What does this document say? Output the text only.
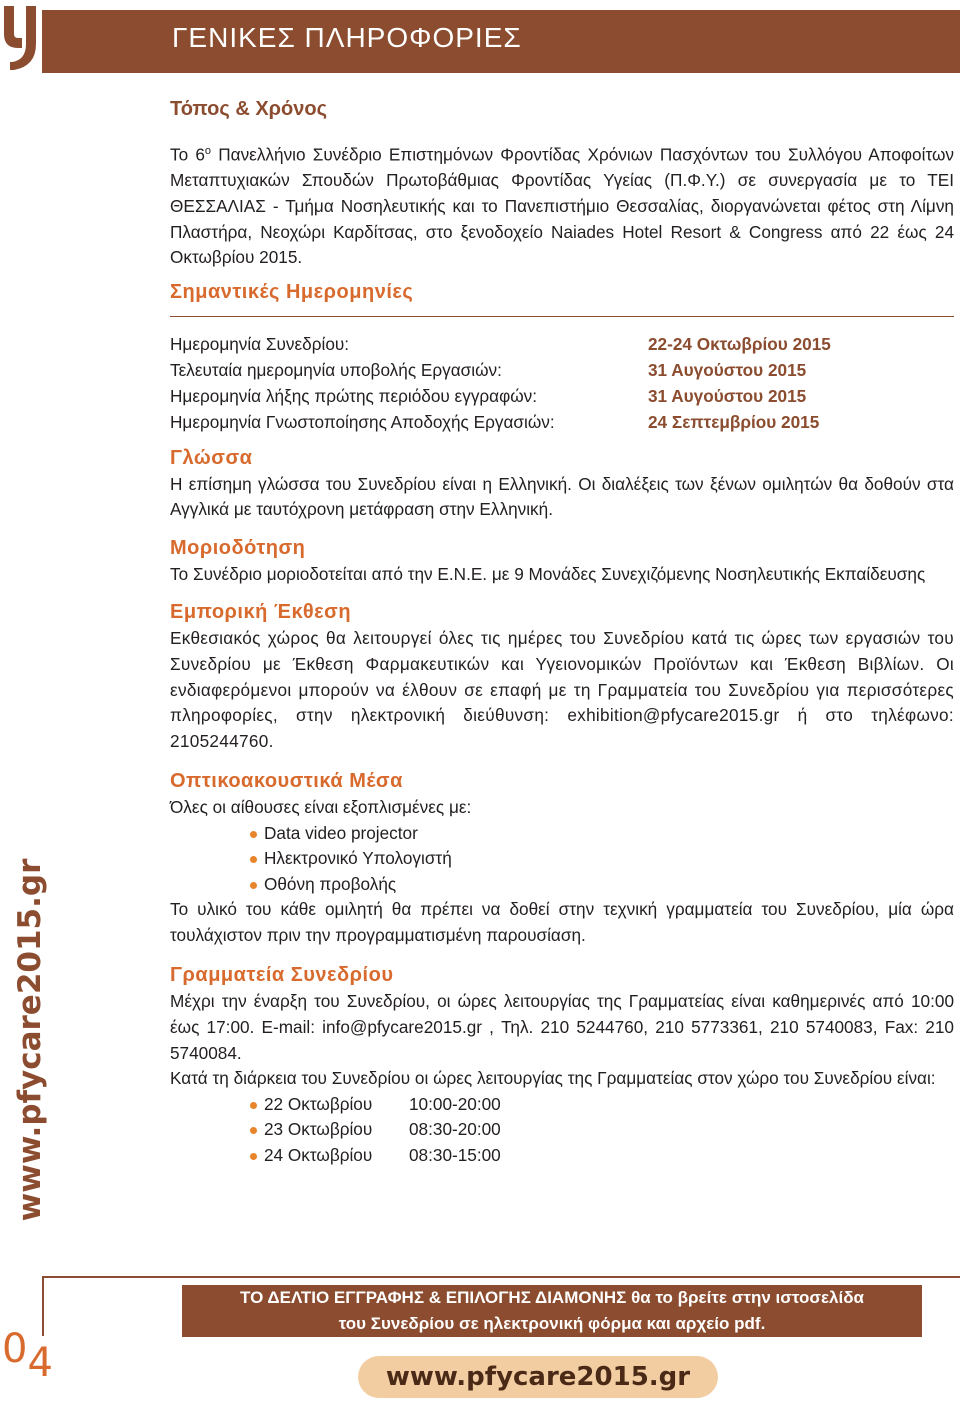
ΓΕΝΙΚΕΣ ΠΛΗΡΟΦΟΡΙΕΣ
www.pfycare2015.gr
Τόπος & Χρόνος

Το $6^o$ Πανελλήνιο Συνέδριο Επιστημόνων Φροντίδας Χρόνιων Πασχόντων του Συλλόγου Αποφοίτων Μεταπτυχιακών Σπουδών Πρωτοβάθμιας Φροντίδας Υγείας (Π.Φ.Υ.) σε συνεργασία με το ΤΕΙ ΘΕΣΣΑΛΙΑΣ - Τμήμα Νοσηλευτικής και το Πανεπιστήμιο Θεσσαλίας, διοργανώνεται φέτος στη Λίμνη Πλαστήρα, Νεοχώρι Καρδίτσας, στο ξενοδοχείο Naiades Hotel Resort & Congress από 22 έως 24 Οκτωβρίου 2015.

Σημαντικές Ημερομηνίες
Ημερομηνία Συνεδρίου:	22-24 Οκτωβρίου 2015
Τελευταία ημερομηνία υποβολής Εργασιών:	31 Αυγούστου 2015
Ημερομηνία λήξης πρώτης περιόδου εγγραφών:	31 Αυγούστου 2015
Ημερομηνία Γνωστοποίησης Αποδοχής Εργασιών:	24 Σεπτεμβρίου 2015
Γλώσσα

Η επίσημη γλώσσα του Συνεδρίου είναι η Ελληνική. Οι διαλέξεις των ξένων ομιλητών θα δοθούν στα Αγγλικά με ταυτόχρονη μετάφραση στην Ελληνική.

Μοριοδότηση

Το Συνέδριο μοριοδοτείται από την Ε.Ν.Ε. με 9 Μονάδες Συνεχιζόμενης Νοσηλευτικής Εκπαίδευσης

Εμπορική Έκθεση

Εκθεσιακός χώρος θα λειτουργεί όλες τις ημέρες του Συνεδρίου κατά τις ώρες των εργασιών του Συνεδρίου με Έκθεση Φαρμακευτικών και Υγειονομικών Προϊόντων και Έκθεση Βιβλίων. Οι ενδιαφερόμενοι μπορούν να έλθουν σε επαφή με τη Γραμματεία του Συνεδρίου για περισσότερες πληροφορίες, στην ηλεκτρονική διεύθυνση: exhibition@pfycare2015.gr ή στο τηλέφωνο: 2105244760.

Οπτικοακουστικά Μέσα

Όλες οι αίθουσες είναι εξοπλισμένες με:

Data video projector
Ηλεκτρονικό Υπολογιστή
Οθόνη προβολής

Το υλικό του κάθε ομιλητή θα πρέπει να δοθεί στην τεχνική γραμματεία του Συνεδρίου, μία ώρα τουλάχιστον πριν την προγραμματισμένη παρουσίαση.

Γραμματεία Συνεδρίου

Μέχρι την έναρξη του Συνεδρίου, οι ώρες λειτουργίας της Γραμματείας είναι καθημερινές από 10:00 έως 17:00. E-mail: info@pfycare2015.gr , Τηλ. 210 5244760, 210 5773361, 210 5740083, Fax: 210 5740084.

Κατά τη διάρκεια του Συνεδρίου οι ώρες λειτουργίας της Γραμματείας στον χώρο του Συνεδρίου είναι:

22 Οκτωβρίου 10:00-20:00
23 Οκτωβρίου 08:30-20:00
24 Οκτωβρίου 08:30-15:00
04
ΤΟ ΔΕΛΤΙΟ ΕΓΓΡΑΦΗΣ & ΕΠΙΛΟΓΗΣ ΔΙΑΜΟΝΗΣ θα το βρείτε στην ιστοσελίδα
του Συνεδρίου σε ηλεκτρονική φόρμα και αρχείο pdf.
www.pfycare2015.gr
